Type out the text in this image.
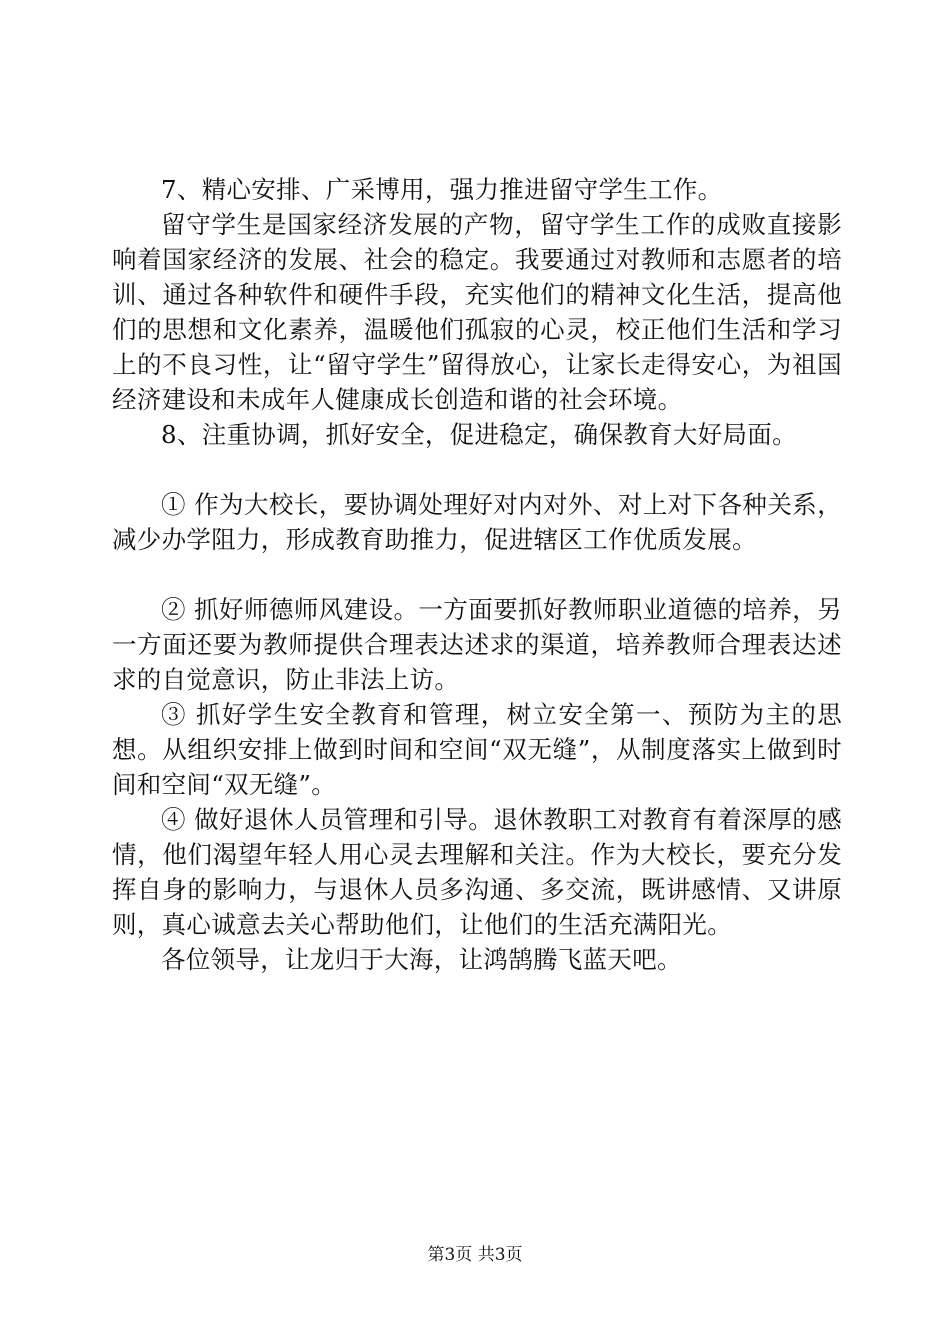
7、精心安排、广采博用，强力推进留守学生工作。

留守学生是国家经济发展的产物，留守学生工作的成败直接影响着国家经济的发展、社会的稳定。我要通过对教师和志愿者的培训、通过各种软件和硬件手段，充实他们的精神文化生活，提高他们的思想和文化素养，温暖他们孤寂的心灵，校正他们生活和学习上的不良习性，让“留守学生”留得放心，让家长走得安心，为祖国经济建设和未成年人健康成长创造和谐的社会环境。

8、注重协调，抓好安全，促进稳定，确保教育大好局面。

① 作为大校长，要协调处理好对内对外、对上对下各种关系，减少办学阻力，形成教育助推力，促进辖区工作优质发展。

② 抓好师德师风建设。一方面要抓好教师职业道德的培养，另一方面还要为教师提供合理表达述求的渠道，培养教师合理表达述求的自觉意识，防止非法上访。

③ 抓好学生安全教育和管理，树立安全第一、预防为主的思想。从组织安排上做到时间和空间“双无缝”，从制度落实上做到时间和空间“双无缝”。

④ 做好退休人员管理和引导。退休教职工对教育有着深厚的感情，他们渴望年轻人用心灵去理解和关注。作为大校长，要充分发挥自身的影响力，与退休人员多沟通、多交流，既讲感情、又讲原则，真心诚意去关心帮助他们，让他们的生活充满阳光。

各位领导，让龙归于大海，让鸿鹄腾飞蓝天吧。

第3页 共3页
